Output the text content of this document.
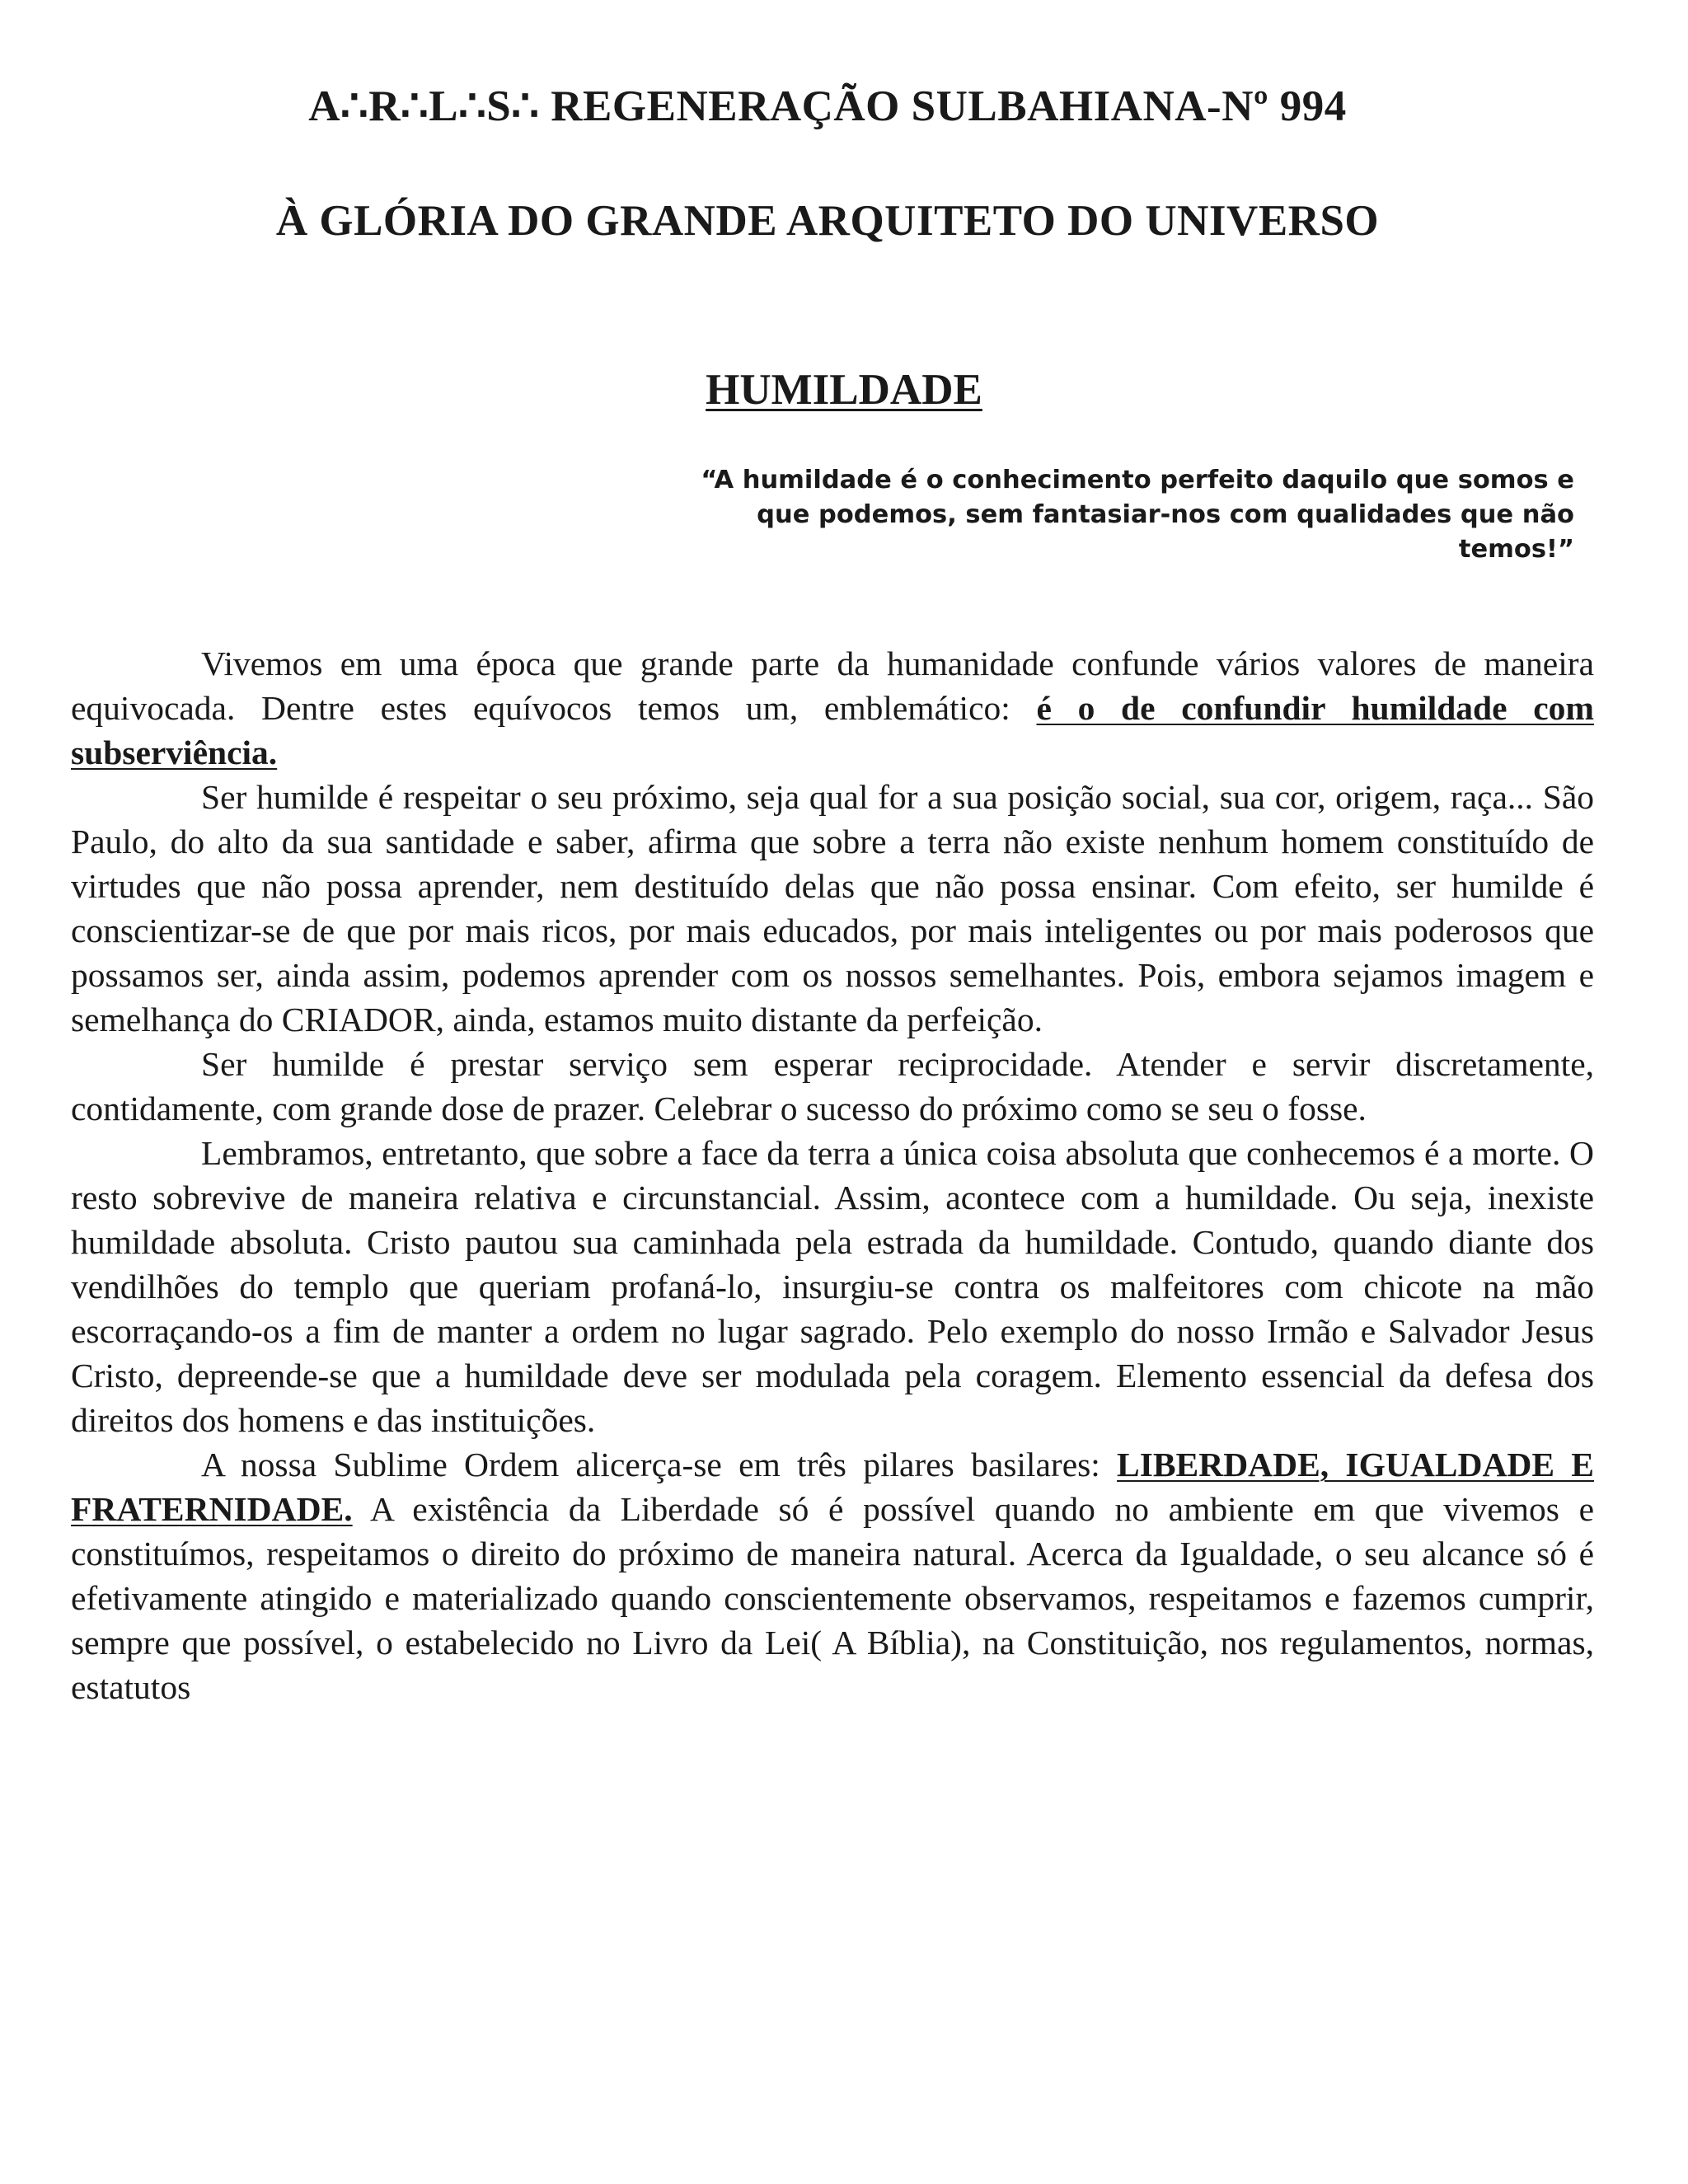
A∴R∴L∴S∴ REGENERAÇÃO SULBAHIANA-Nº 994
À GLÓRIA DO GRANDE ARQUITETO DO UNIVERSO
HUMILDADE
“A humildade é o conhecimento perfeito daquilo que somos e
que podemos, sem fantasiar-nos com qualidades que não temos!”

Vivemos em uma época que grande parte da humanidade confunde vários valores de maneira equivocada. Dentre estes equívocos temos um, emblemático: é o de confundir humildade com subserviência.

Ser humilde é respeitar o seu próximo, seja qual for a sua posição social, sua cor, origem, raça... São Paulo, do alto da sua santidade e saber, afirma que sobre a terra não existe nenhum homem constituído de virtudes que não possa aprender, nem destituído delas que não possa ensinar. Com efeito, ser humilde é conscientizar-se de que por mais ricos, por mais educados, por mais inteligentes ou por mais poderosos que possamos ser, ainda assim, podemos aprender com os nossos semelhantes. Pois, embora sejamos imagem e semelhança do CRIADOR, ainda, estamos muito distante da perfeição.

Ser humilde é prestar serviço sem esperar reciprocidade. Atender e servir discretamente, contidamente, com grande dose de prazer. Celebrar o sucesso do próximo como se seu o fosse.

Lembramos, entretanto, que sobre a face da terra a única coisa absoluta que conhecemos é a morte. O resto sobrevive de maneira relativa e circunstancial. Assim, acontece com a humildade. Ou seja, inexiste humildade absoluta. Cristo pautou sua caminhada pela estrada da humildade. Contudo, quando diante dos vendilhões do templo que queriam profaná-lo, insurgiu-se contra os malfeitores com chicote na mão escorraçando-os a fim de manter a ordem no lugar sagrado. Pelo exemplo do nosso Irmão e Salvador Jesus Cristo, depreende-se que a humildade deve ser modulada pela coragem. Elemento essencial da defesa dos direitos dos homens e das instituições.

A nossa Sublime Ordem alicerça-se em três pilares basilares: LIBERDADE, IGUALDADE E FRATERNIDADE. A existência da Liberdade só é possível quando no ambiente em que vivemos e constituímos, respeitamos o direito do próximo de maneira natural. Acerca da Igualdade, o seu alcance só é efetivamente atingido e materializado quando conscientemente observamos, respeitamos e fazemos cumprir, sempre que possível, o estabelecido no Livro da Lei( A Bíblia), na Constituição, nos regulamentos, normas, estatutos
